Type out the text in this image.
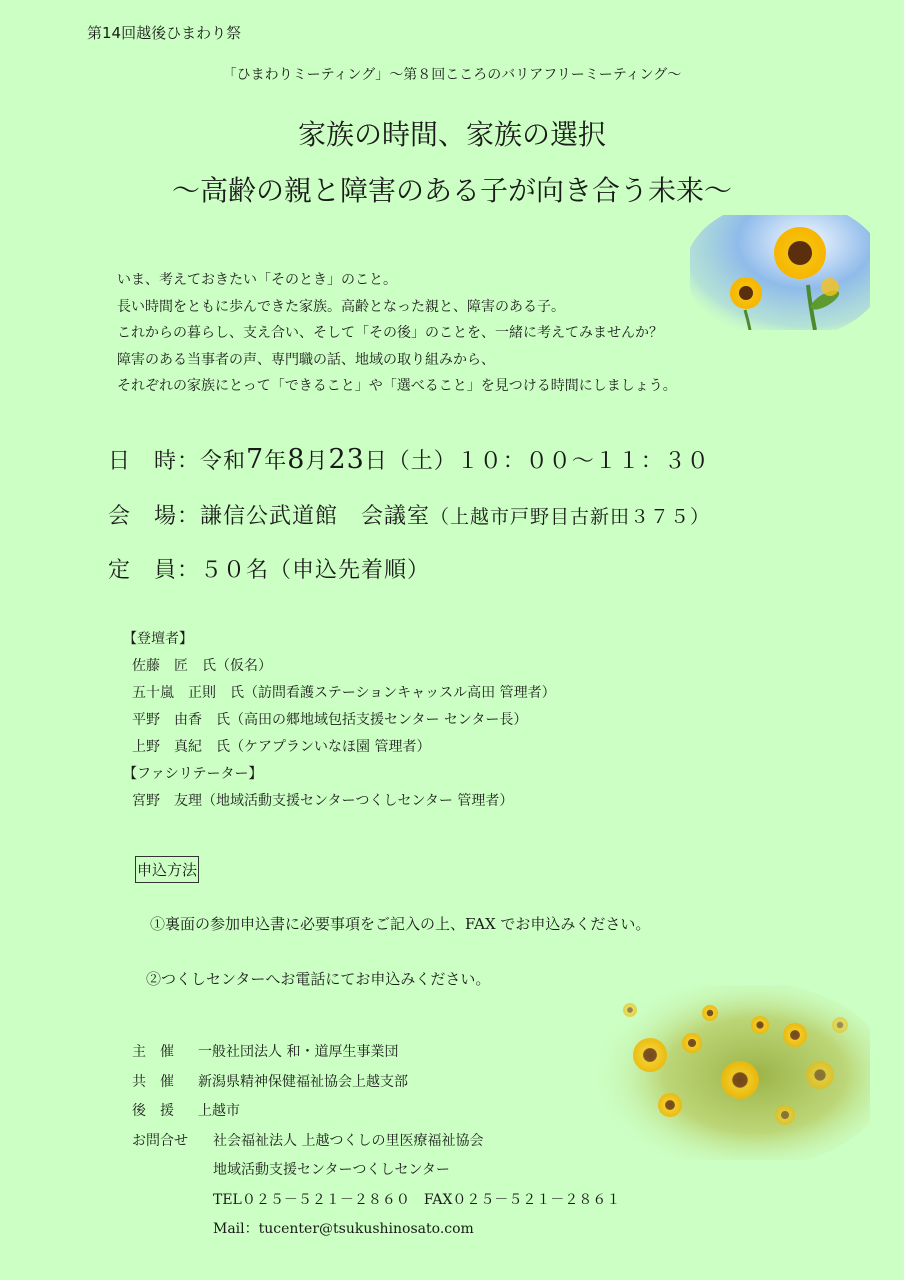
第14回越後ひまわり祭
「ひまわりミーティング」～第８回こころのバリアフリーミーティング～
家族の時間、家族の選択
～高齢の親と障害のある子が向き合う未来～
いま、考えておきたい「そのとき」のこと。
長い時間をともに歩んできた家族。高齢となった親と、障害のある子。
これからの暮らし、支え合い、そして「その後」のことを、一緒に考えてみませんか？
障害のある当事者の声、専門職の話、地域の取り組みから、
それぞれの家族にとって「できること」や「選べること」を見つける時間にしましょう。
日　時：令和7年8月23日（土）１０：００～１１：３０
会　場：謙信公武道館　会議室（上越市戸野目古新田３７５）
定　員：５０名（申込先着順）
【登壇者】
佐藤　匠　氏（仮名）
五十嵐　正則　氏（訪問看護ステーションキャッスル高田 管理者）
平野　由香　氏（高田の郷地域包括支援センター センター長）
上野　真紀　氏（ケアプランいなほ園 管理者）
【ファシリテーター】
宮野　友理（地域活動支援センターつくしセンター 管理者）
申込方法
①裏面の参加申込書に必要事項をご記入の上、FAX でお申込みください。
②つくしセンターへお電話にてお申込みください。
主　催	一般社団法人 和・道厚生事業団
共　催	新潟県精神保健福祉協会上越支部
後　援	上越市
お問合せ	社会福祉法人 上越つくしの里医療福祉協会
地域活動支援センターつくしセンター
TEL０２５－５２１－２８６０　FAX０２５－５２１－２８６１
Mail：tucenter@tsukushinosato.com
